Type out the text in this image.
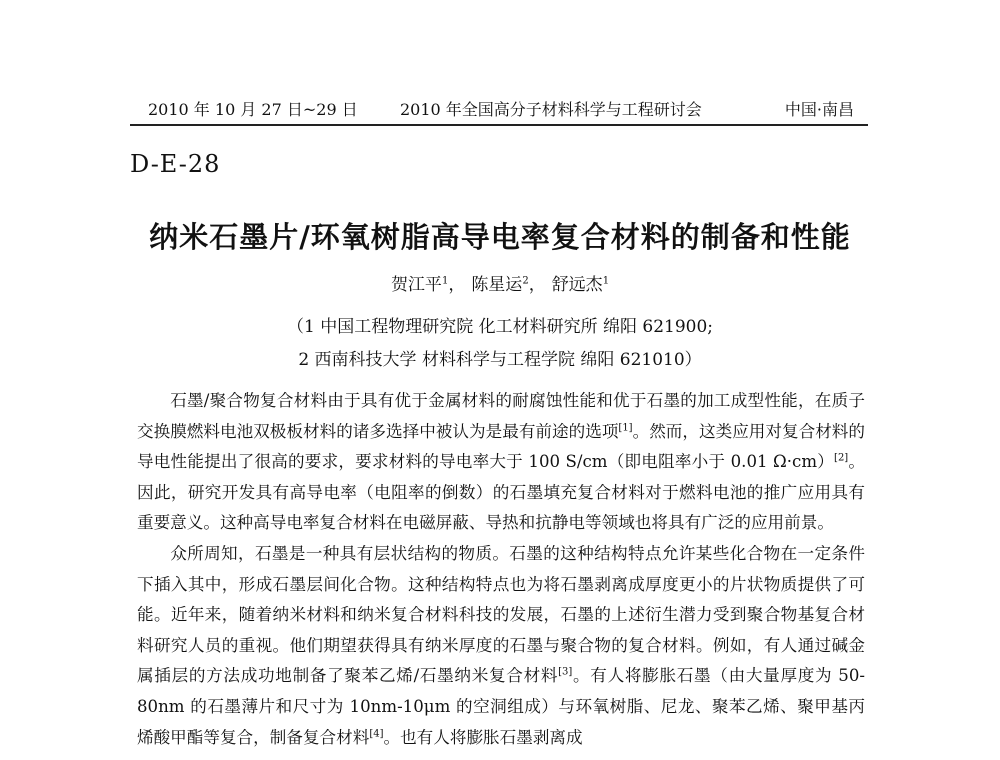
2010 年 10 月 27 日~29 日	2010 年全国高分子材料科学与工程研讨会	中国·南昌
D-E-28
纳米石墨片/环氧树脂高导电率复合材料的制备和性能
贺江平$^1$， 陈星运$^2$， 舒远杰$^1$
（1 中国工程物理研究院 化工材料研究所 绵阳 621900;
2 西南科技大学 材料科学与工程学院 绵阳 621010）

石墨/聚合物复合材料由于具有优于金属材料的耐腐蚀性能和优于石墨的加工成型性能，在质子交换膜燃料电池双极板材料的诸多选择中被认为是最有前途的选项[1]。然而，这类应用对复合材料的导电性能提出了很高的要求，要求材料的导电率大于 100 S/cm（即电阻率小于 0.01 Ω·cm）[2]。因此，研究开发具有高导电率（电阻率的倒数）的石墨填充复合材料对于燃料电池的推广应用具有重要意义。这种高导电率复合材料在电磁屏蔽、导热和抗静电等领域也将具有广泛的应用前景。

众所周知，石墨是一种具有层状结构的物质。石墨的这种结构特点允许某些化合物在一定条件下插入其中，形成石墨层间化合物。这种结构特点也为将石墨剥离成厚度更小的片状物质提供了可能。近年来，随着纳米材料和纳米复合材料科技的发展，石墨的上述衍生潜力受到聚合物基复合材料研究人员的重视。他们期望获得具有纳米厚度的石墨与聚合物的复合材料。例如，有人通过碱金属插层的方法成功地制备了聚苯乙烯/石墨纳米复合材料[3]。有人将膨胀石墨（由大量厚度为 50-80nm 的石墨薄片和尺寸为 10nm-10μm 的空洞组成）与环氧树脂、尼龙、聚苯乙烯、聚甲基丙烯酸甲酯等复合，制备复合材料[4]。也有人将膨胀石墨剥离成
